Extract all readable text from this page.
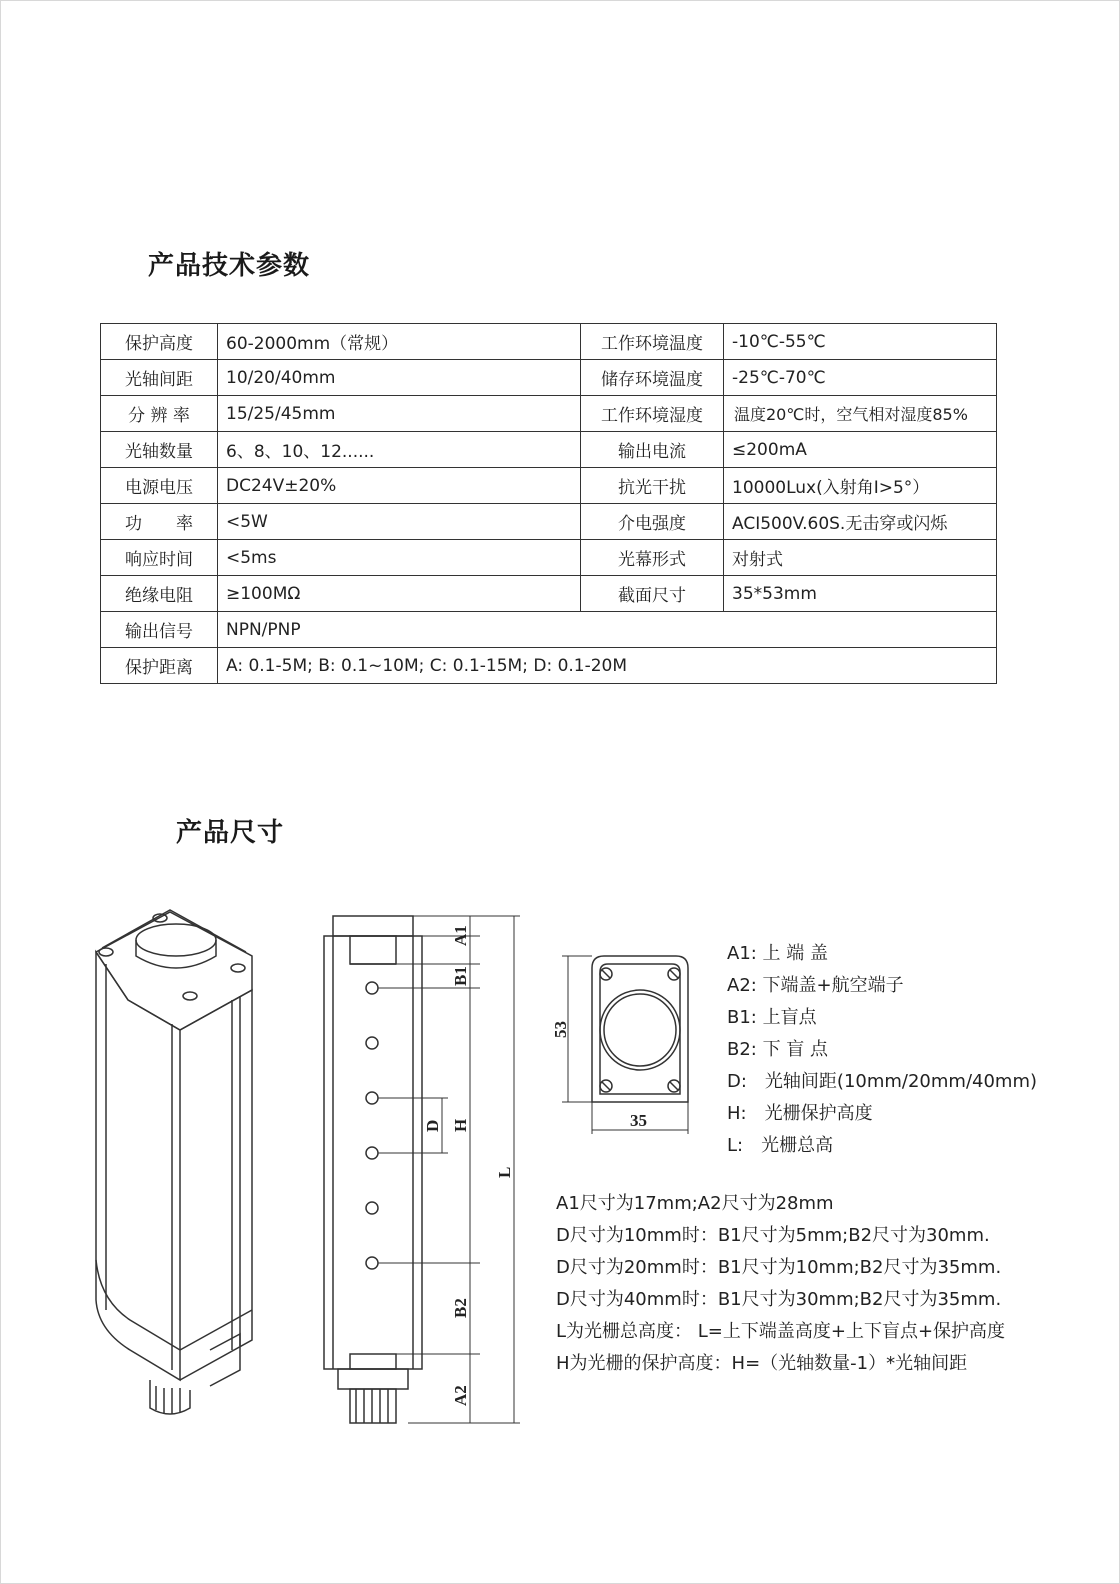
产品技术参数
保护高度	60-2000mm（常规）	工作环境温度	-10℃-55℃
光轴间距	10/20/40mm	储存环境温度	-25℃-70℃
分 辨 率	15/25/45mm	工作环境湿度	温度20℃时，空气相对湿度85%
光轴数量	6、8、10、12......	输出电流	≤200mA
电源电压	DC24V±20%	抗光干扰	10000Lux(入射角I>5°）
功　　率	<5W	介电强度	ACI500V.60S.无击穿或闪烁
响应时间	<5ms	光幕形式	对射式
绝缘电阻	≥100MΩ	截面尺寸	35*53mm
输出信号	NPN/PNP		
保护距离	A: 0.1-5M; B: 0.1~10M; C: 0.1-15M; D: 0.1-20M		
产品尺寸
A1
B1
D H
L
B2
A2
53
35
A1: 上 端 盖
A2: 下端盖+航空端子
B1: 上盲点
B2: 下 盲 点
D:　光轴间距(10mm/20mm/40mm)
H:　光栅保护高度
L:　光栅总高
A1尺寸为17mm;A2尺寸为28mm
D尺寸为10mm时：B1尺寸为5mm;B2尺寸为30mm.
D尺寸为20mm时：B1尺寸为10mm;B2尺寸为35mm.
D尺寸为40mm时：B1尺寸为30mm;B2尺寸为35mm.
L为光栅总高度： L=上下端盖高度+上下盲点+保护高度
H为光栅的保护高度：H=（光轴数量-1）*光轴间距
